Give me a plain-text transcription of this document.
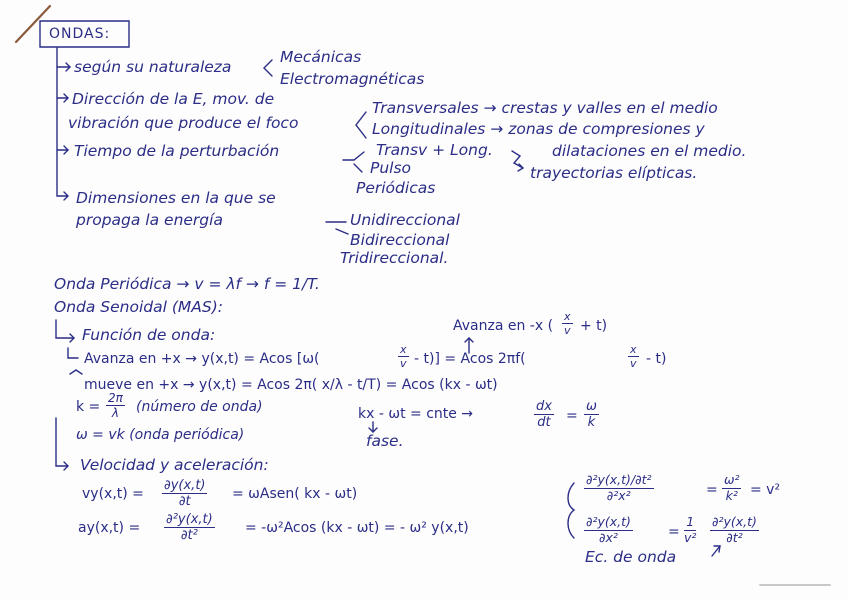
ONDAS:
según su naturaleza
Mecánicas
Electromagnéticas
Dirección de la E, mov. de
vibración que produce el foco
Transversales → crestas y valles en el medio
Longitudinales → zonas de compresiones y
dilataciones en el medio.
Transv + Long.
trayectorias elípticas.
Tiempo de la perturbación
Pulso
Periódicas
Dimensiones en la que se
propaga la energía	Unidireccional
Bidireccional
Tridireccional.
Onda Periódica → v = λf → f = 1/T.
Onda Senoidal (MAS):
Función de onda:	Avanza en -x ( $\frac{x}{v} + t$)
Avanza en +x → y(x,t) = Acos [ω(	$\frac{x}{v} - t)] = Acos$ 2πf(	$\frac{x}{v} - t$)
mueve en +x → y(x,t) = Acos 2π( x/λ - t/T) = Acos (kx - ωt)
$k = \frac{2\pi}{\lambda}$ (número de onda)
ω = vk (onda periódica)
kx - ωt = cnte →	$\frac{dx}{dt} = \frac{\omega}{k}$
fase.
Velocidad y aceleración:
$vy(x,t) = \frac{\partial y(x,t)}{\partial t}$ = ωAsen( kx - ωt)
$ay(x,t) = \frac{\text{∂²y(x,t)}}{\text{∂t²}} = -\omega^2Acos$ (kx - ωt) = - ω² y(x,t)
$\frac{\text{∂²y(x,t)/∂t²}}{\text{∂²x²}}$	= $\frac{\text{ω²}}{\text{k²}} = v^2$
$\frac{\text{∂²y(x,t)}}{\text{∂x²}}$	= $\frac{1}{\text{v²}} \frac{\text{∂²y(x,t)}}{\text{∂t²}}$
Ec. de onda
